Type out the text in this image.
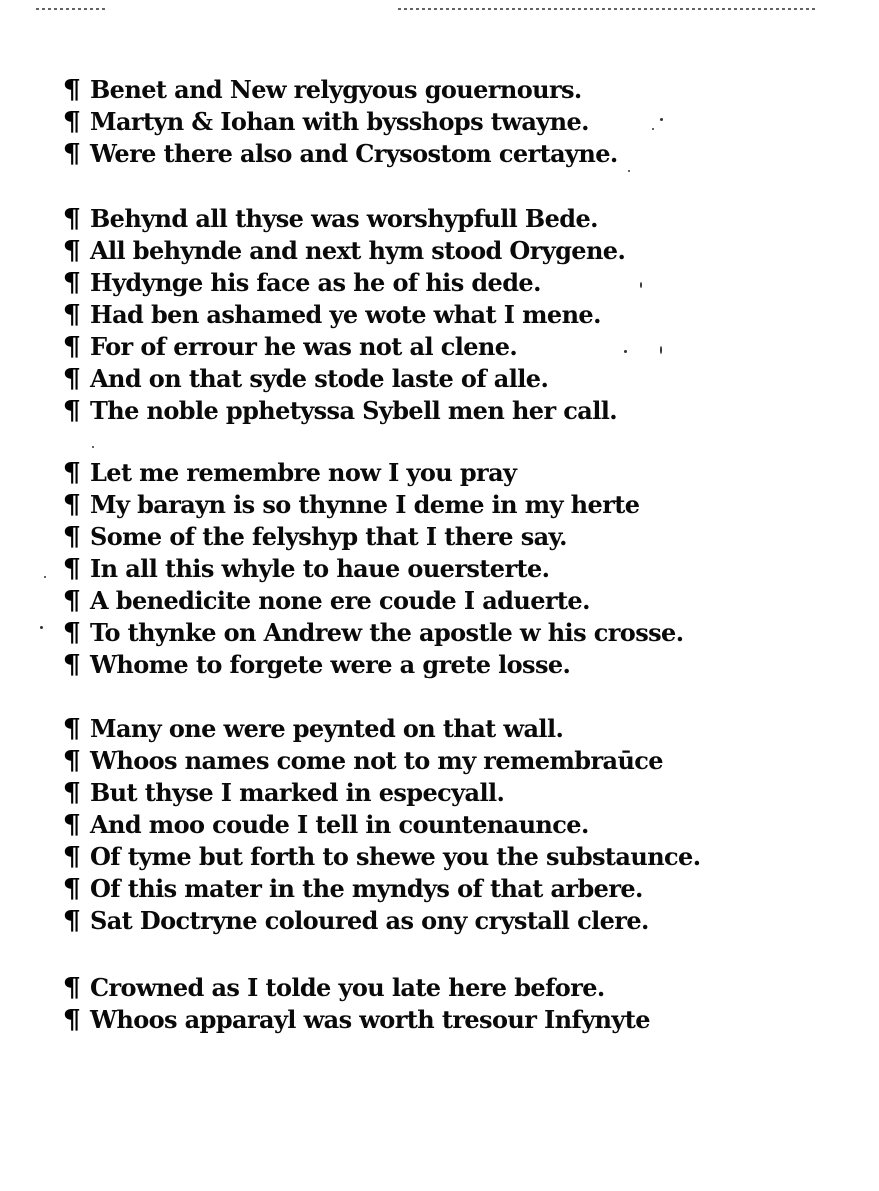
¶ Benet and New relygyous gouernours.
¶ Martyn & Iohan with bysshops twayne.
¶ Were there also and Crysostom certayne.
¶ Behynd all thyse was worshypfull Bede.
¶ All behynde and next hym stood Orygene.
¶ Hydynge his face as he of his dede.
¶ Had ben ashamed ye wote what I mene.
¶ For of errour he was not al clene.
¶ And on that syde stode laste of alle.
¶ The noble pphetyssa Sybell men her call.
¶ Let me remembre now I you pray
¶ My barayn is so thynne I deme in my herte
¶ Some of the felyshyp that I there say.
¶ In all this whyle to haue ouersterte.
¶ A benedicite none ere coude I aduerte.
¶ To thynke on Andrew the apostle w his crosse.
¶ Whome to forgete were a grete losse.
¶ Many one were peynted on that wall.
¶ Whoos names come not to my remembraūce
¶ But thyse I marked in especyall.
¶ And moo coude I tell in countenaunce.
¶ Of tyme but forth to shewe you the substaunce.
¶ Of this mater in the myndys of that arbere.
¶ Sat Doctryne coloured as ony crystall clere.
¶ Crowned as I tolde you late here before.
¶ Whoos apparayl was worth tresour Infynyte
